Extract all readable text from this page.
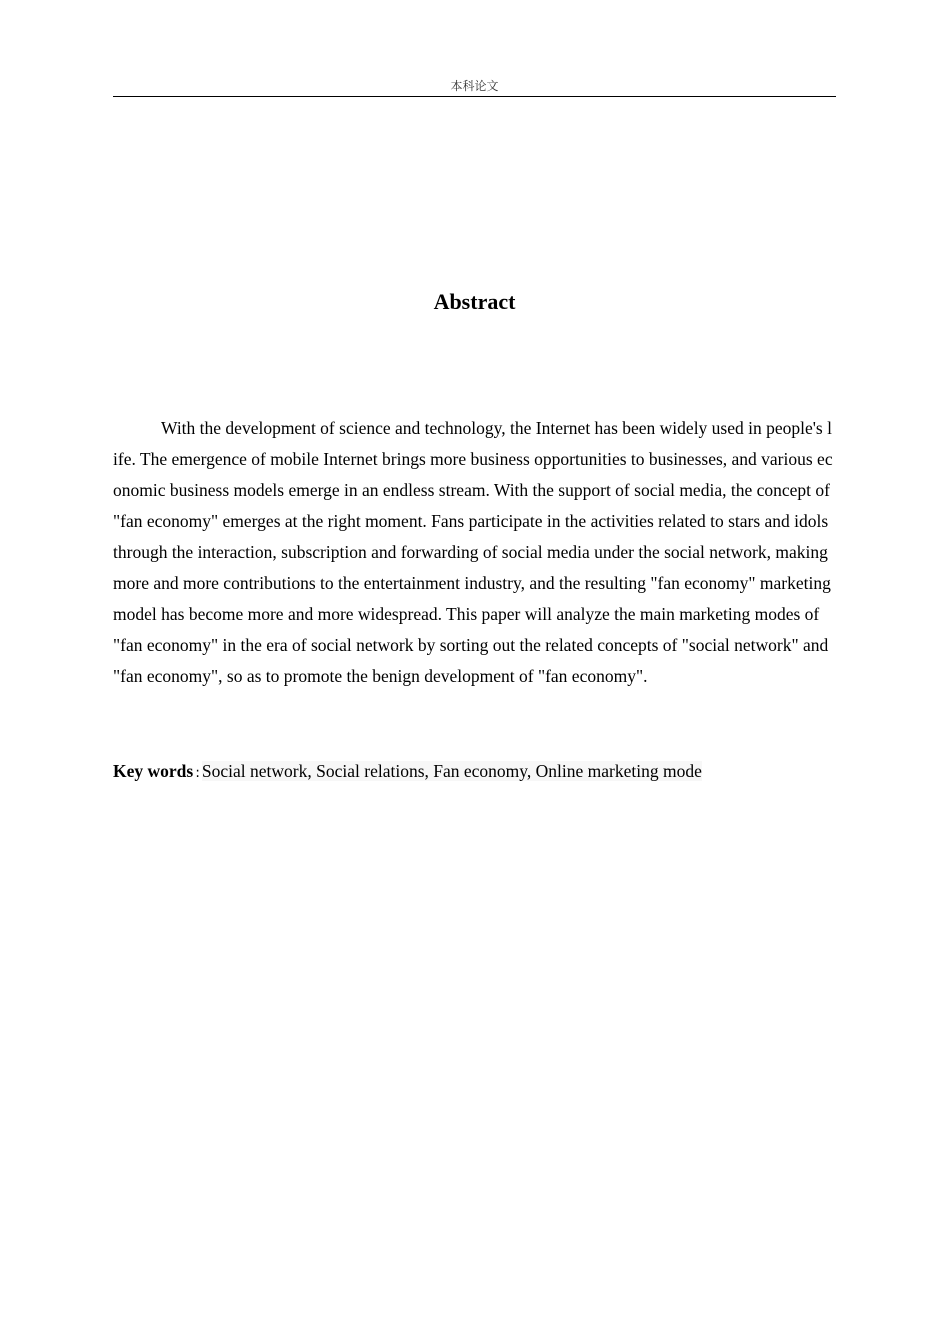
本科论文
Abstract

With the development of science and technology, the Internet has been widely used in people's life. The emergence of mobile Internet brings more business opportunities to businesses, and various economic business models emerge in an endless stream. With the support of social media, the concept of "fan economy" emerges at the right moment. Fans participate in the activities related to stars and idols through the interaction, subscription and forwarding of social media under the social network, making more and more contributions to the entertainment industry, and the resulting "fan economy" marketing model has become more and more widespread. This paper will analyze the main marketing modes of "fan economy" in the era of social network by sorting out the related concepts of "social network" and "fan economy", so as to promote the benign development of "fan economy".

Key words : Social network, Social relations, Fan economy, Online marketing mode
